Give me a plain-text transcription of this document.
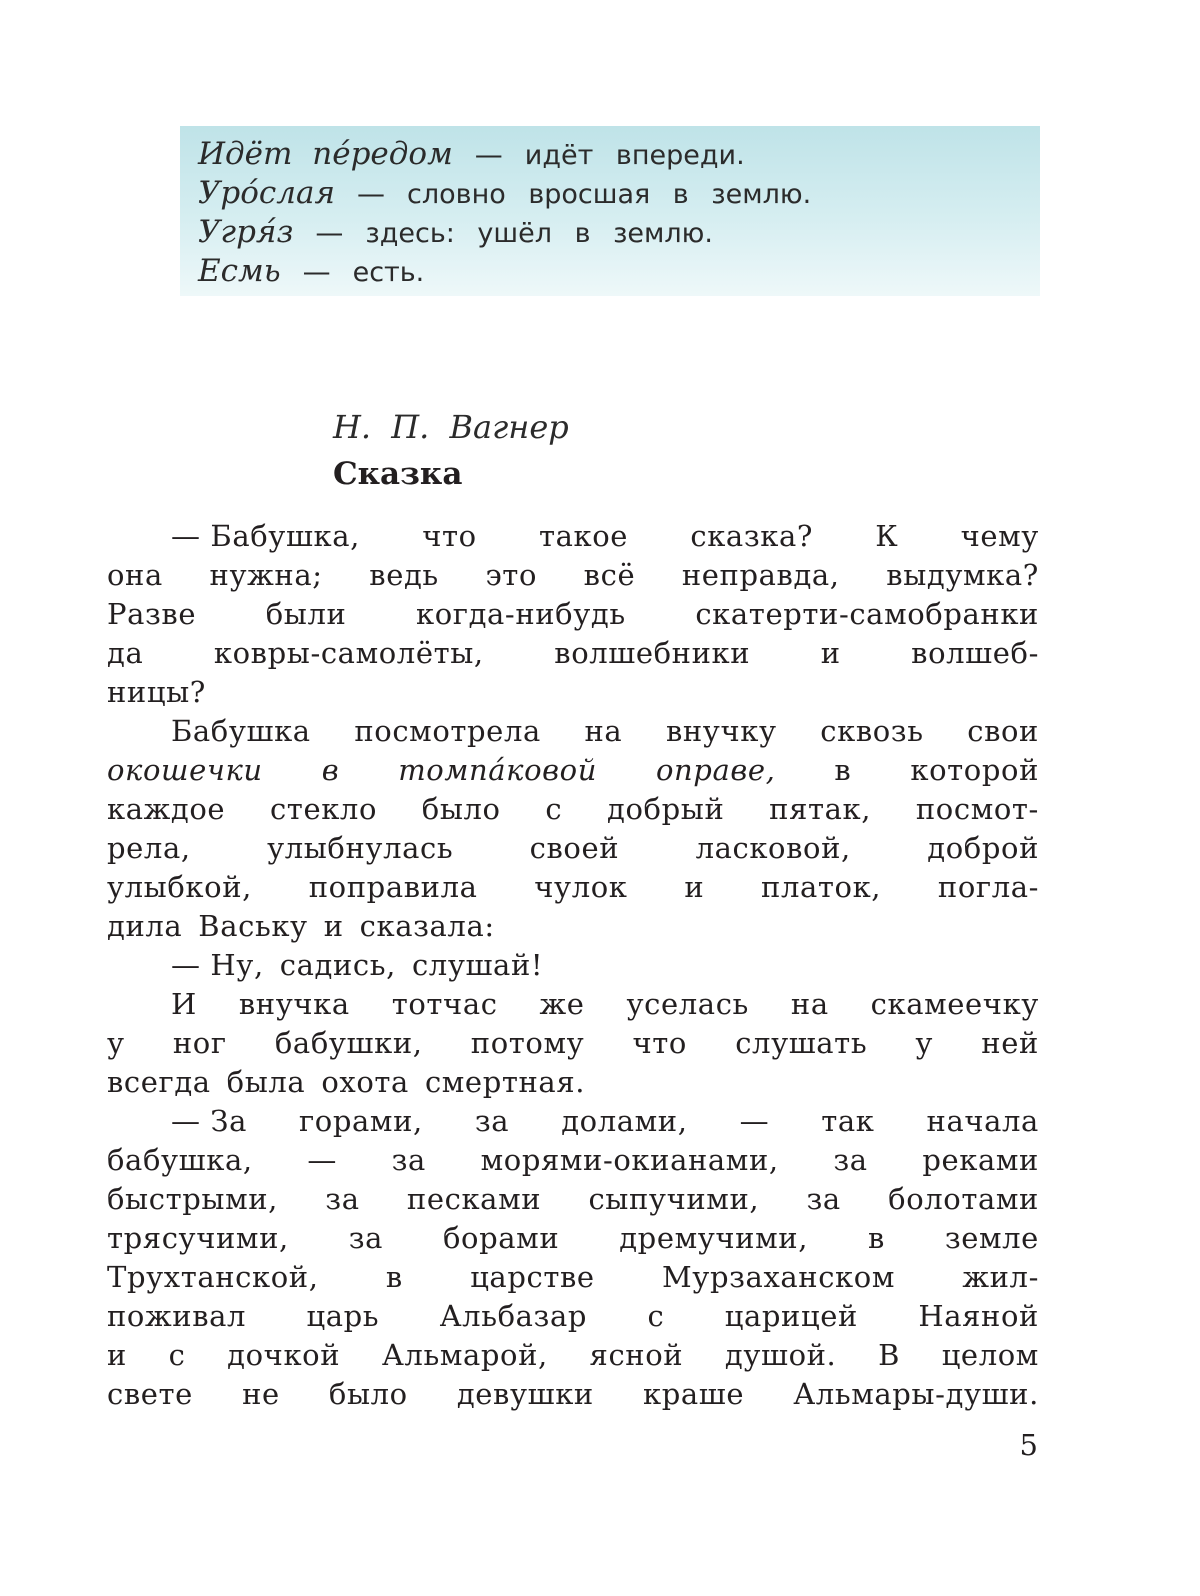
Идёт пéредом — идёт впереди.
Урóслая — словно вросшая в землю.
Угря́з — здесь: ушёл в землю.
Есмь — есть.
Н. П. Вагнер
Сказка
— Бабушка, что такое сказка? К чему
она нужна; ведь это всё неправда, выдумка?
Разве были когда-нибудь скатерти-самобранки
да ковры-самолёты, волшебники и волшеб-
ницы?
Бабушка посмотрела на внучку сквозь свои
окошечки в томпáковой оправе, в которой
каждое стекло было с добрый пятак, посмот-
рела,	улыбнулась	своей	ласковой,	доброй
улыбкой, поправила чулок и платок, погла-
дила Ваську и сказала:
— Ну, садись, слушай!
И внучка тотчас же уселась на скамеечку
у ног бабушки, потому что слушать у ней
всегда была охота смертная.
— За горами, за долами, — так начала
бабушка, — за морями-окианами, за реками
быстрыми, за песками сыпучими, за болотами
трясучими, за борами дремучими, в земле
Трухтанской, в царстве Мурзаханском жил-
поживал царь Альбазар с царицей Наяной
и с дочкой Альмарой, ясной душой. В целом
свете не было девушки краше Альмары-души.
5
